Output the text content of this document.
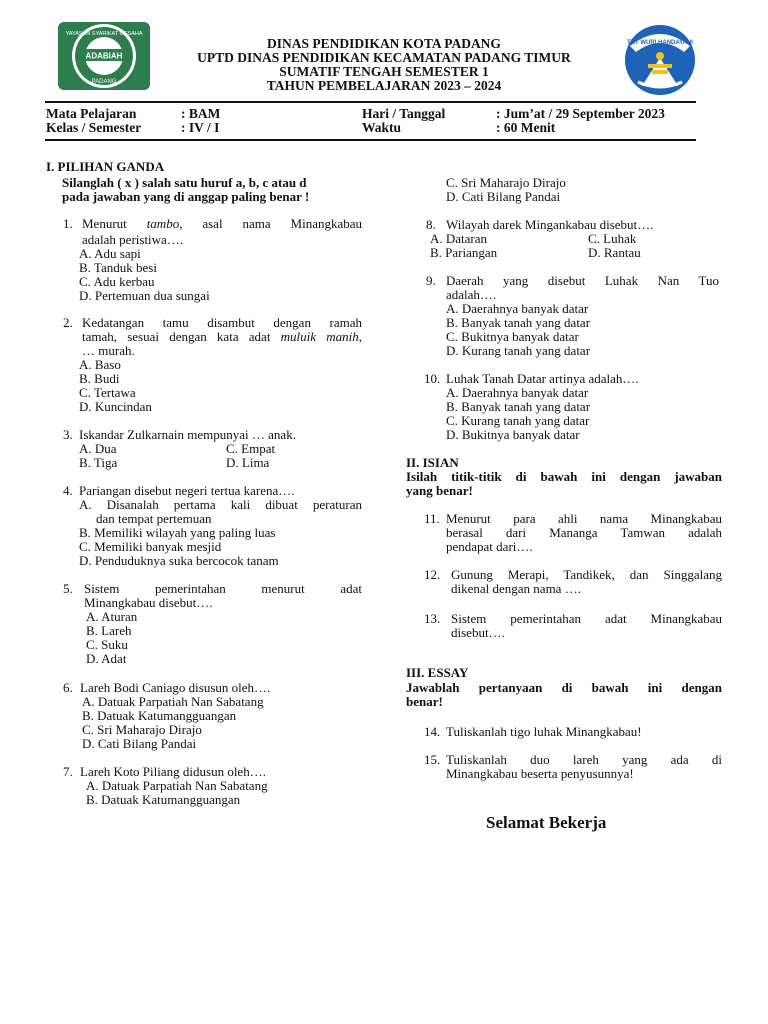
ADABIAH
YAYASAN SYARIKAT OESAHA
PADANG
TUT WURI HANDAYANI
DINAS PENDIDIKAN KOTA PADANG
UPTD DINAS PENDIDIKAN KECAMATAN PADANG TIMUR
SUMATIF TENGAH SEMESTER 1
TAHUN PEMBELAJARAN 2023 – 2024
Mata Pelajaran	: BAM
Kelas / Semester	: IV / I
Hari / Tanggal	: Jum’at / 29 September 2023
Waktu	: 60 Menit
I. PILIHAN GANDA
Silanglah ( x ) salah satu huruf a, b, c atau d
pada jawaban yang di anggap paling benar !
1. Menurut tambo, asal nama Minangkabau
adalah peristiwa….
A. Adu sapi
B. Tanduk besi
C. Adu kerbau
D. Pertemuan dua sungai
2. Kedatangan tamu disambut dengan ramah
tamah, sesuai dengan kata adat muluik manih,
… murah.
A. Baso
B. Budi
C. Tertawa
D. Kuncindan
3. Iskandar Zulkarnain mempunyai … anak.
A. Dua
B. Tiga
C. Empat
D. Lima
4. Pariangan disebut negeri tertua karena….
A. Disanalah pertama kali dibuat peraturan
dan tempat pertemuan
B. Memiliki wilayah yang paling luas
C. Memiliki banyak mesjid
D. Penduduknya suka bercocok tanam
5. Sistem pemerintahan menurut adat
Minangkabau disebut….
A. Aturan
B. Lareh
C. Suku
D. Adat
6. Lareh Bodi Caniago disusun oleh….
A. Datuak Parpatiah Nan Sabatang
B. Datuak Katumangguangan
C. Sri Maharajo Dirajo
D. Cati Bilang Pandai
7. Lareh Koto Piliang didusun oleh….
A. Datuak Parpatiah Nan Sabatang
B. Datuak Katumangguangan
C. Sri Maharajo Dirajo
D. Cati Bilang Pandai
8. Wilayah darek Mingankabau disebut….
A. Dataran
B. Pariangan
C. Luhak
D. Rantau
9. Daerah yang disebut Luhak Nan Tuo
adalah….
A. Daerahnya banyak datar
B. Banyak tanah yang datar
C. Bukitnya banyak datar
D. Kurang tanah yang datar
10. Luhak Tanah Datar artinya adalah….
A. Daerahnya banyak datar
B. Banyak tanah yang datar
C. Kurang tanah yang datar
D. Bukitnya banyak datar
II. ISIAN
Isilah titik-titik di bawah ini dengan jawaban
yang benar!
11. Menurut para ahli nama Minangkabau
berasal dari Mananga Tamwan adalah
pendapat dari….
12. Gunung Merapi, Tandikek, dan Singgalang
dikenal dengan nama ….
13. Sistem pemerintahan adat Minangkabau
disebut….
III. ESSAY
Jawablah pertanyaan di bawah ini dengan
benar!
14. Tuliskanlah tigo luhak Minangkabau!
15. Tuliskanlah duo lareh yang ada di
Minangkabau beserta penyusunnya!
Selamat Bekerja
